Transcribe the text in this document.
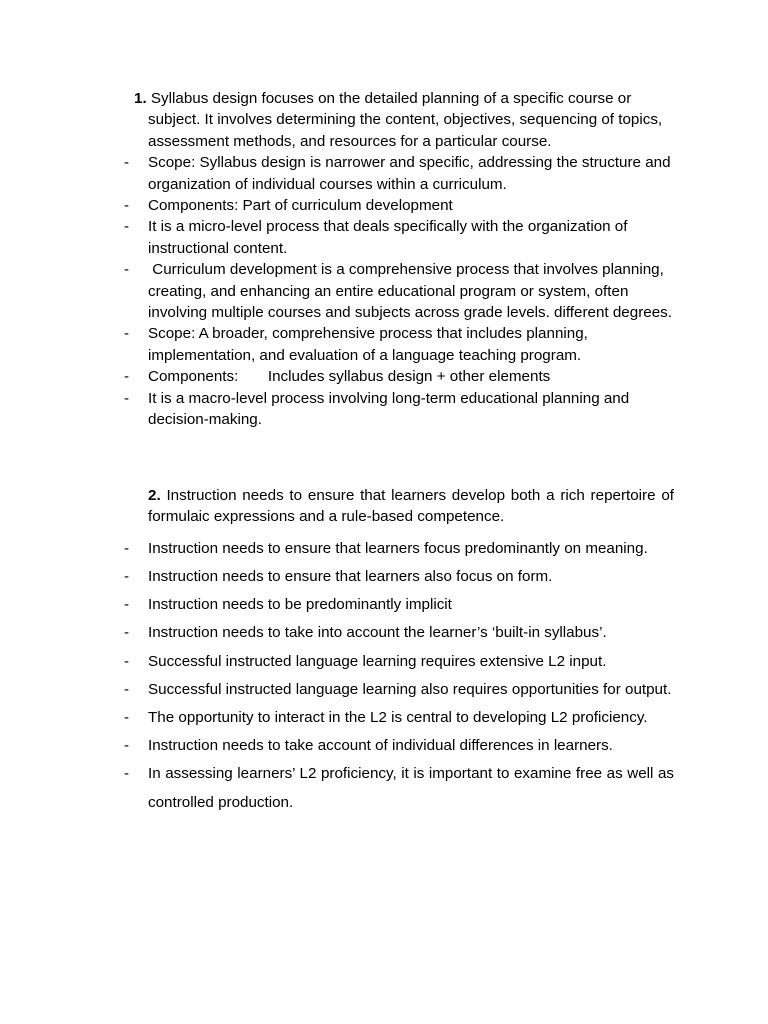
1. Syllabus design focuses on the detailed planning of a specific course or subject. It involves determining the content, objectives, sequencing of topics, assessment methods, and resources for a particular course.

- Scope: Syllabus design is narrower and specific, addressing the structure and organization of individual courses within a curriculum.
- Components: Part of curriculum development
- It is a micro-level process that deals specifically with the organization of instructional content.
- Curriculum development is a comprehensive process that involves planning, creating, and enhancing an entire educational program or system, often involving multiple courses and subjects across grade levels. different degrees.
- Scope: A broader, comprehensive process that includes planning, implementation, and evaluation of a language teaching program.
- Components:       Includes syllabus design + other elements
- It is a macro-level process involving long-term educational planning and decision-making.

2. Instruction needs to ensure that learners develop both a rich repertoire of formulaic expressions and a rule-based competence.

- Instruction needs to ensure that learners focus predominantly on meaning.
- Instruction needs to ensure that learners also focus on form.
- Instruction needs to be predominantly implicit
- Instruction needs to take into account the learner’s ‘built-in syllabus’.
- Successful instructed language learning requires extensive L2 input.
- Successful instructed language learning also requires opportunities for output.
- The opportunity to interact in the L2 is central to developing L2 proficiency.
- Instruction needs to take account of individual differences in learners.
- In assessing learners’ L2 proficiency, it is important to examine free as well as controlled production.
